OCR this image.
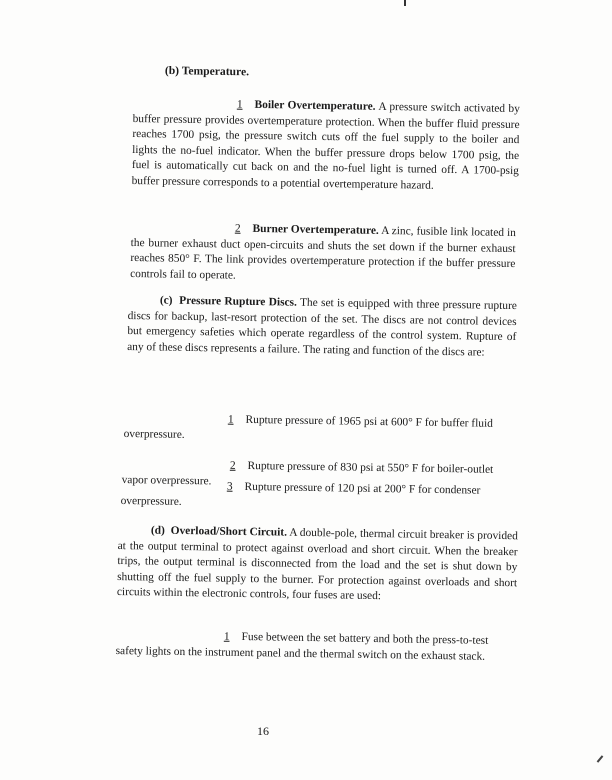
(b) Temperature.
1 Boiler Overtemperature. A pressure switch activated by buffer pressure provides overtemperature protection. When the buffer fluid pressure reaches 1700 psig, the pressure switch cuts off the fuel supply to the boiler and lights the no-fuel indicator. When the buffer pressure drops below 1700 psig, the fuel is automatically cut back on and the no-fuel light is turned off. A 1700-psig buffer pressure corresponds to a potential overtemperature hazard.
2 Burner Overtemperature. A zinc, fusible link located in the burner exhaust duct open-circuits and shuts the set down if the burner exhaust reaches 850° F. The link provides overtemperature protection if the buffer pressure controls fail to operate.
(c) Pressure Rupture Discs. The set is equipped with three pressure rupture discs for backup, last-resort protection of the set. The discs are not control devices but emergency safeties which operate regardless of the control system. Rupture of any of these discs represents a failure. The rating and function of the discs are:
1 Rupture pressure of 1965 psi at 600° F for buffer fluid overpressure.
2 Rupture pressure of 830 psi at 550° F for boiler-outlet vapor overpressure.	3 Rupture pressure of 120 psi at 200° F for condenser overpressure.
(d) Overload/Short Circuit. A double-pole, thermal circuit breaker is provided at the output terminal to protect against overload and short circuit. When the breaker trips, the output terminal is disconnected from the load and the set is shut down by shutting off the fuel supply to the burner. For protection against overloads and short circuits within the electronic controls, four fuses are used:
1 Fuse between the set battery and both the press-to-test safety lights on the instrument panel and the thermal switch on the exhaust stack.
16
